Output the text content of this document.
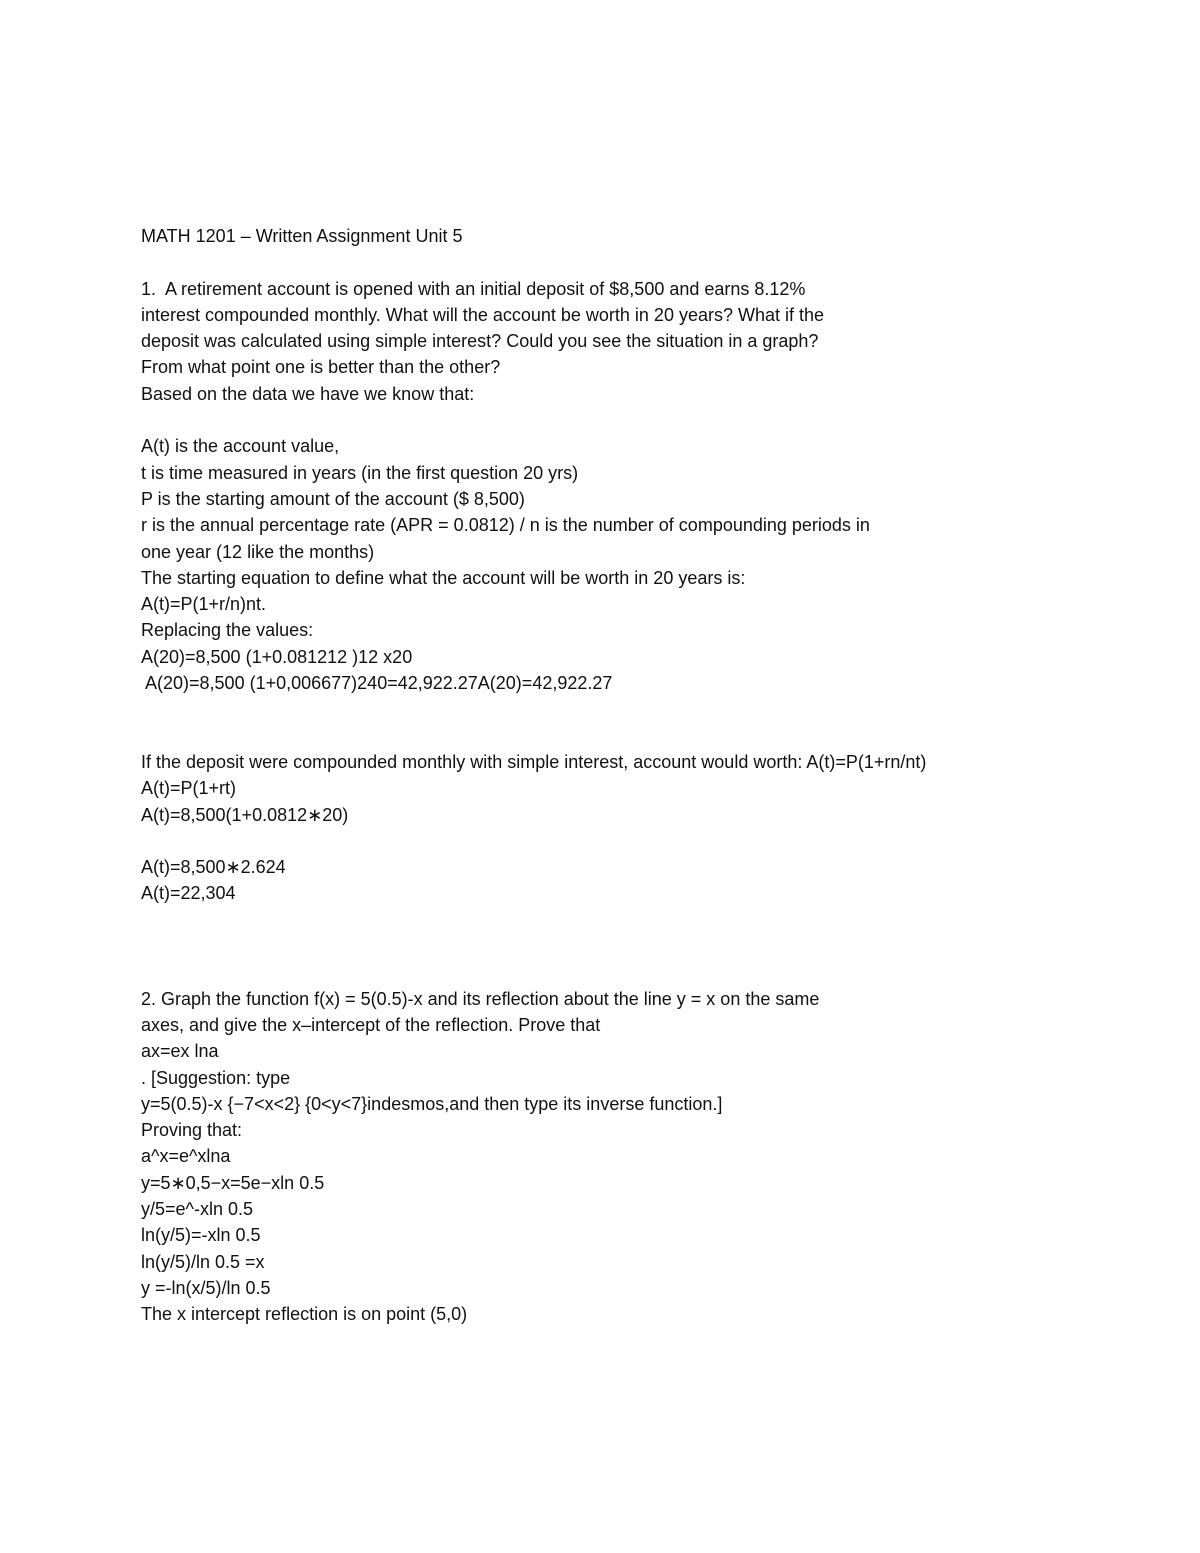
MATH 1201 – Written Assignment Unit 5

1.  A retirement account is opened with an initial deposit of $8,500 and earns 8.12%

interest compounded monthly. What will the account be worth in 20 years? What if the

deposit was calculated using simple interest? Could you see the situation in a graph?

From what point one is better than the other?

Based on the data we have we know that:

A(t) is the account value,

t is time measured in years (in the first question 20 yrs)

P is the starting amount of the account ($ 8,500)

r is the annual percentage rate (APR = 0.0812) / n is the number of compounding periods in

one year (12 like the months)

The starting equation to define what the account will be worth in 20 years is:

A(t)=P(1+r/n)nt.

Replacing the values:

A(20)=8,500 (1+0.081212 )12 x20

A(20)=8,500 (1+0,006677)240=42,922.27A(20)=42,922.27

If the deposit were compounded monthly with simple interest, account would worth: A(t)=P(1+rn/nt)

A(t)=P(1+rt)

A(t)=8,500(1+0.0812∗20)

A(t)=8,500∗2.624

A(t)=22,304

2. Graph the function f(x) = 5(0.5)-x and its reflection about the line y = x on the same

axes, and give the x–intercept of the reflection. Prove that

ax=ex lna

. [Suggestion: type

y=5(0.5)-x {−7<x<2} {0<y<7}indesmos,and then type its inverse function.]

Proving that:

a^x=e^xlna

y=5∗0,5−x=5e−xln 0.5

y/5=e^-xln 0.5

ln(y/5)=-xln 0.5

ln(y/5)/ln 0.5 =x

y =-ln(x/5)/ln 0.5

The x intercept reflection is on point (5,0)
